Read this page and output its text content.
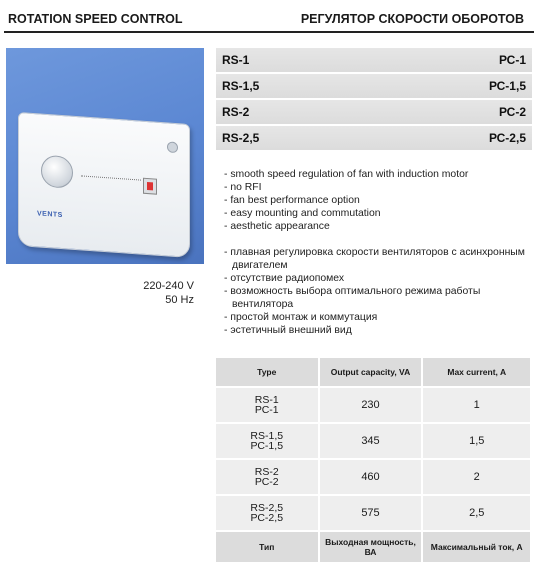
ROTATION SPEED CONTROL	РЕГУЛЯТОР СКОРОСТИ ОБОРОТОВ
VENTS
220-240 V
50 Hz
RS-1	РС-1
RS-1,5	РС-1,5
RS-2	РС-2
RS-2,5	РС-2,5
- smooth speed regulation of fan with induction motor
- no RFI
- fan best performance option
- easy mounting and commutation
- aesthetic appearance
- плавная регулировка скорости вентиляторов с асинхронным двигателем
- отсутствие радиопомех
- возможность выбора оптимального режима работы вентилятора
- простой монтаж и коммутация
- эстетичный внешний вид
Type	Output capacity, VA	Max current, A
RS-1
РС-1	230	1
RS-1,5
РС-1,5	345	1,5
RS-2
РС-2	460	2
RS-2,5
РС-2,5	575	2,5
Тип	Выходная мощность, ВА	Максимальный ток, А
